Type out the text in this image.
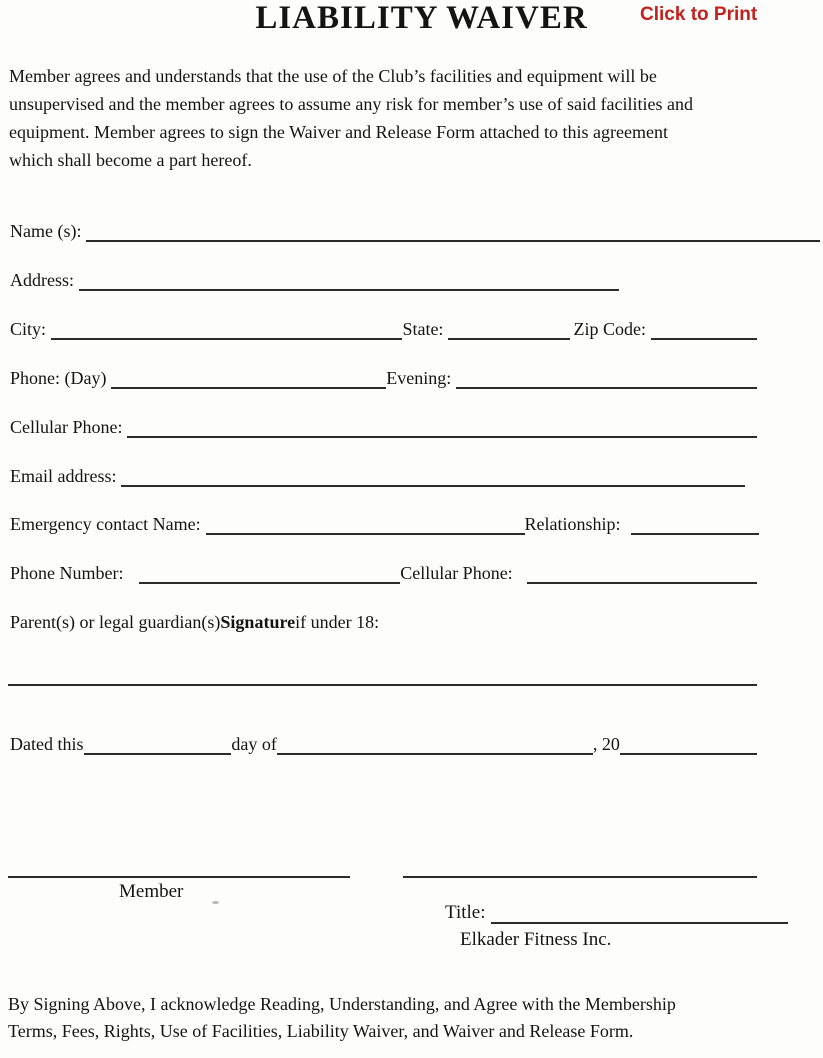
LIABILITY WAIVER	Click to Print
Member agrees and understands that the use of the Club’s facilities and equipment will be
unsupervised and the member agrees to assume any risk for member’s use of said facilities and
equipment. Member agrees to sign the Waiver and Release Form attached to this agreement
which shall become a part hereof.
Name (s):
Address:
City:	State:	Zip Code:
Phone: (Day)	Evening:
Cellular Phone:
Email address:
Emergency contact Name:	Relationship:
Phone Number:	Cellular Phone:
Parent(s) or legal guardian(s) Signature if under 18:
Dated this	day of	, 20
Member
Title:
Elkader Fitness Inc.
By Signing Above, I acknowledge Reading, Understanding, and Agree with the Membership
Terms, Fees, Rights, Use of Facilities, Liability Waiver, and Waiver and Release Form.
